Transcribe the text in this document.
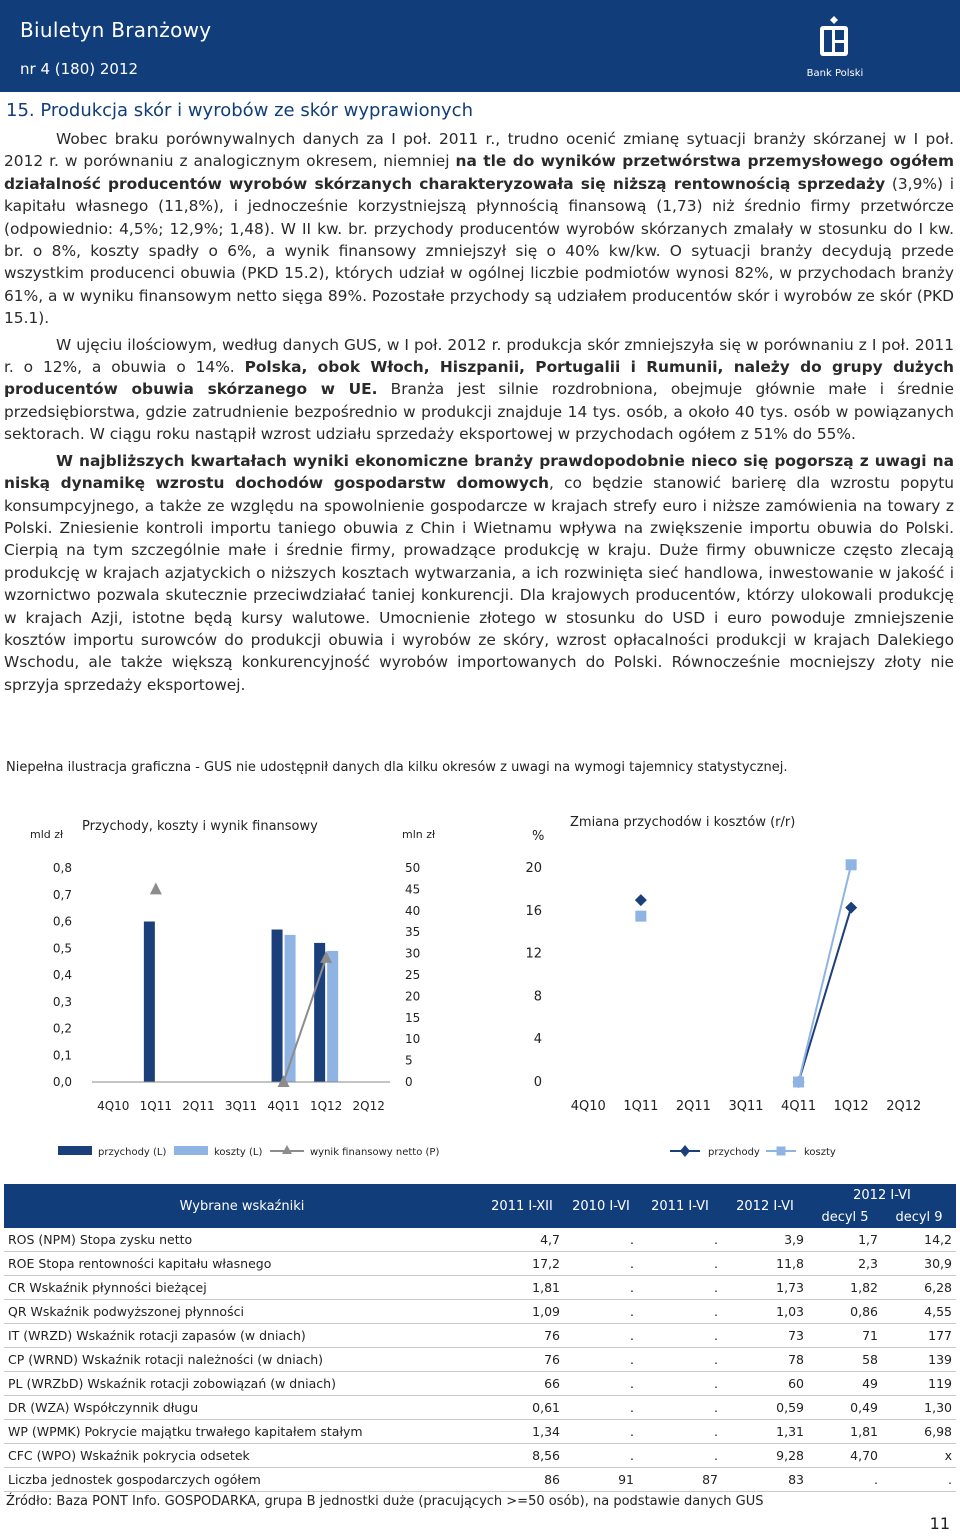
Biuletyn Branżowy
nr 4 (180) 2012	Bank Polski
15. Produkcja skór i wyrobów ze skór wyprawionych

Wobec braku porównywalnych danych za I poł. 2011 r., trudno ocenić zmianę sytuacji branży skórzanej w I poł. 2012 r. w porównaniu z analogicznym okresem, niemniej na tle do wyników przetwórstwa przemysłowego ogółem działalność producentów wyrobów skórzanych charakteryzowała się niższą rentownością sprzedaży (3,9%) i kapitału własnego (11,8%), i jednocześnie korzystniejszą płynnością finansową (1,73) niż średnio firmy przetwórcze (odpowiednio: 4,5%; 12,9%; 1,48). W II kw. br. przychody producentów wyrobów skórzanych zmalały w stosunku do I kw. br. o 8%, koszty spadły o 6%, a wynik finansowy zmniejszył się o 40% kw/kw. O sytuacji branży decydują przede wszystkim producenci obuwia (PKD 15.2), których udział w ogólnej liczbie podmiotów wynosi 82%, w przychodach branży 61%, a w wyniku finansowym netto sięga 89%. Pozostałe przychody są udziałem producentów skór i wyrobów ze skór (PKD 15.1).

W ujęciu ilościowym, według danych GUS, w I poł. 2012 r. produkcja skór zmniejszyła się w porównaniu z I poł. 2011 r. o 12%, a obuwia o 14%. Polska, obok Włoch, Hiszpanii, Portugalii i Rumunii, należy do grupy dużych producentów obuwia skórzanego w UE. Branża jest silnie rozdrobniona, obejmuje głównie małe i średnie przedsiębiorstwa, gdzie zatrudnienie bezpośrednio w produkcji znajduje 14 tys. osób, a około 40 tys. osób w powiązanych sektorach. W ciągu roku nastąpił wzrost udziału sprzedaży eksportowej w przychodach ogółem z 51% do 55%.

W najbliższych kwartałach wyniki ekonomiczne branży prawdopodobnie nieco się pogorszą z uwagi na niską dynamikę wzrostu dochodów gospodarstw domowych, co będzie stanowić barierę dla wzrostu popytu konsumpcyjnego, a także ze względu na spowolnienie gospodarcze w krajach strefy euro i niższe zamówienia na towary z Polski. Zniesienie kontroli importu taniego obuwia z Chin i Wietnamu wpływa na zwiększenie importu obuwia do Polski. Cierpią na tym szczególnie małe i średnie firmy, prowadzące produkcję w kraju. Duże firmy obuwnicze często zlecają produkcję w krajach azjatyckich o niższych kosztach wytwarzania, a ich rozwinięta sieć handlowa, inwestowanie w jakość i wzornictwo pozwala skutecznie przeciwdziałać taniej konkurencji. Dla krajowych producentów, którzy ulokowali produkcję w krajach Azji, istotne będą kursy walutowe. Umocnienie złotego w stosunku do USD i euro powoduje zmniejszenie kosztów importu surowców do produkcji obuwia i wyrobów ze skóry, wzrost opłacalności produkcji w krajach Dalekiego Wschodu, ale także większą konkurencyjność wyrobów importowanych do Polski. Równocześnie mocniejszy złoty nie sprzyja sprzedaży eksportowej.

Niepełna ilustracja graficzna - GUS nie udostępnił danych dla kilku okresów z uwagi na wymogi tajemnicy statystycznej.
Przychody, koszty i wynik finansowy
mld zł	mln zł
0,0
0,1
0,2
0,3
0,4
0,5
0,6
0,7
0,8
0
5
10
15
20
25
30
35
40
45
50
4Q10 1Q11 2Q11 3Q11 4Q11 1Q12 2Q12
przychody (L)	koszty (L)	wynik finansowy netto (P)
Zmiana przychodów i kosztów (r/r)
%
0
4
8
12
16
20
4Q10 1Q11 2Q11 3Q11 4Q11 1Q12 2Q12
przychody	koszty
Wybrane wskaźniki	2011 I-XII	2010 I-VI	2011 I-VI	2012 I-VI	2012 I-VI	
					decyl 5	decyl 9
ROS (NPM) Stopa zysku netto	4,7	.	.	3,9	1,7	14,2
ROE Stopa rentowności kapitału własnego	17,2	.	.	11,8	2,3	30,9
CR Wskaźnik płynności bieżącej	1,81	.	.	1,73	1,82	6,28
QR Wskaźnik podwyższonej płynności	1,09	.	.	1,03	0,86	4,55
IT (WRZD) Wskaźnik rotacji zapasów (w dniach)	76	.	.	73	71	177
CP (WRND) Wskaźnik rotacji należności (w dniach)	76	.	.	78	58	139
PL (WRZbD) Wskaźnik rotacji zobowiązań (w dniach)	66	.	.	60	49	119
DR (WZA) Współczynnik długu	0,61	.	.	0,59	0,49	1,30
WP (WPMK) Pokrycie majątku trwałego kapitałem stałym	1,34	.	.	1,31	1,81	6,98
CFC (WPO) Wskaźnik pokrycia odsetek	8,56	.	.	9,28	4,70	x
Liczba jednostek gospodarczych ogółem	86	91	87	83	.	.
Źródło: Baza PONT Info. GOSPODARKA, grupa B jednostki duże (pracujących >=50 osób), na podstawie danych GUS
11
